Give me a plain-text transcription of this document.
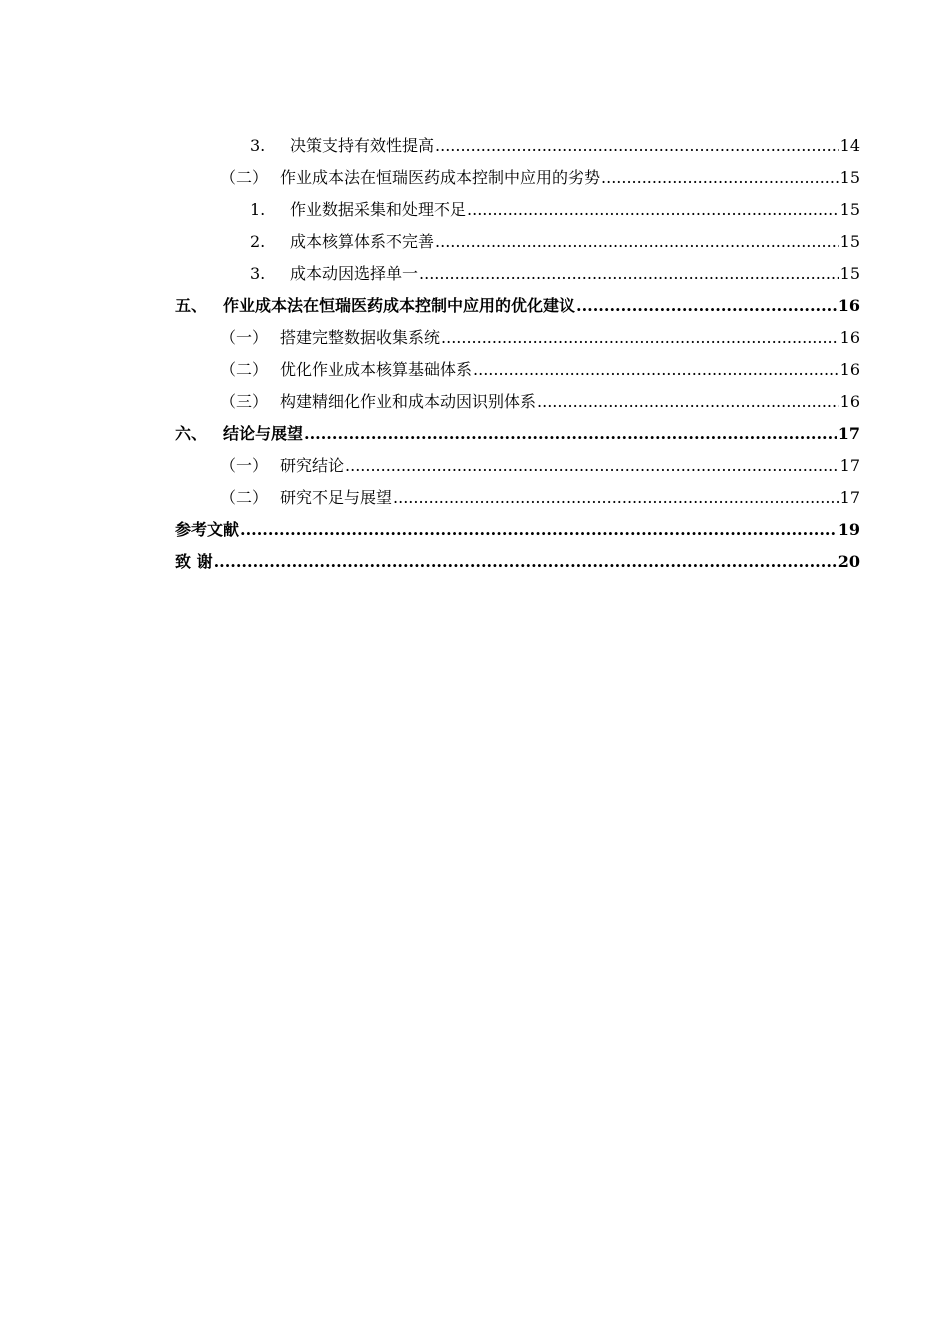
3.	决策支持有效性提高 .....	14
（二） 作业成本法在恒瑞医药成本控制中应用的劣势 .....	15
1.	作业数据采集和处理不足 .....	15
2.	成本核算体系不完善 .....	15
3.	成本动因选择单一 .....	15
五、 作业成本法在恒瑞医药成本控制中应用的优化建议 .....	16
（一） 搭建完整数据收集系统 .....	16
（二） 优化作业成本核算基础体系 .....	16
（三） 构建精细化作业和成本动因识别体系 .....	16
六、 结论与展望 .....	17
（一） 研究结论 .....	17
（二） 研究不足与展望 .....	17
参考文献 .....	19
致 谢 .....	20
